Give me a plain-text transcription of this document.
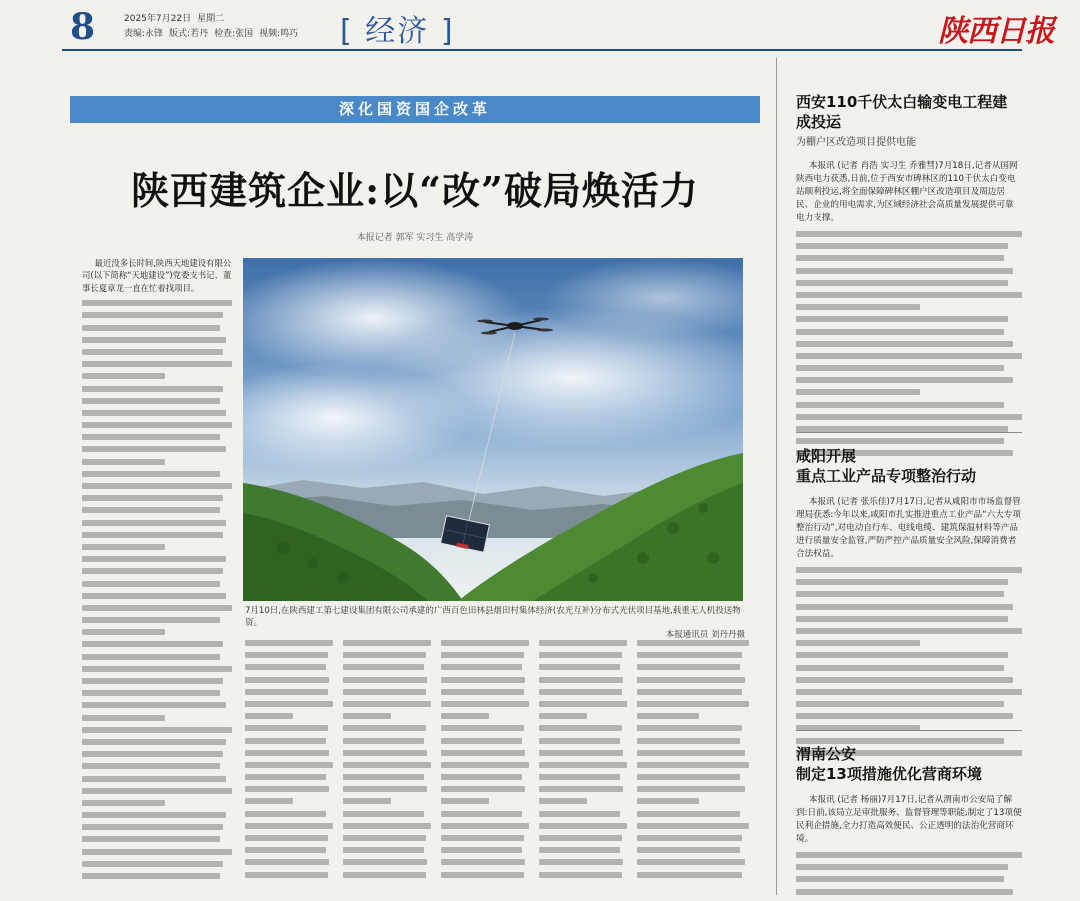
8	2025年7月22日 星期二
责编:永锋 版式:若丹 检查:张国 视频:鸣巧 [ 经济 ]	陕西日报
深化国资国企改革
陕西建筑企业:以“改”破局焕活力
本报记者 郭军 实习生 高学涛
最近没多长时间,陕西天地建设有限公司(以下简称“天地建设”)党委支书记、董事长夏章龙一直在忙着找项目。
7月10日,在陕西建工第七建设集团有限公司承建的广西百色田林县烟田村集体经济(农光互补)分布式光伏项目基地,载重无人机投送物资。
本报通讯员 刘丹丹摄
西安110千伏太白输变电工程建成投运
为棚户区改造项目提供电能
本报讯 (记者 肖浩 实习生 乔雅彗)7月18日,记者从国网陕西电力获悉,日前,位于西安市碑林区的110千伏太白变电站顺利投运,将全面保障碑林区棚户区改造项目及周边居民、企业的用电需求,为区域经济社会高质量发展提供可靠电力支撑。
咸阳开展
重点工业产品专项整治行动
本报讯 (记者 张乐佳)7月17日,记者从咸阳市市场监督管理局获悉:今年以来,咸阳市扎实推进重点工业产品“六大专项整治行动”,对电动自行车、电线电缆、建筑保温材料等产品进行质量安全监管,严防严控产品质量安全风险,保障消费者合法权益。
渭南公安
制定13项措施优化营商环境
本报讯 (记者 杨丽)7月17日,记者从渭南市公安局了解到:日前,该局立足审批服务、监督管理等职能,制定了13项便民利企措施,全力打造高效便民、公正透明的法治化营商环境。
